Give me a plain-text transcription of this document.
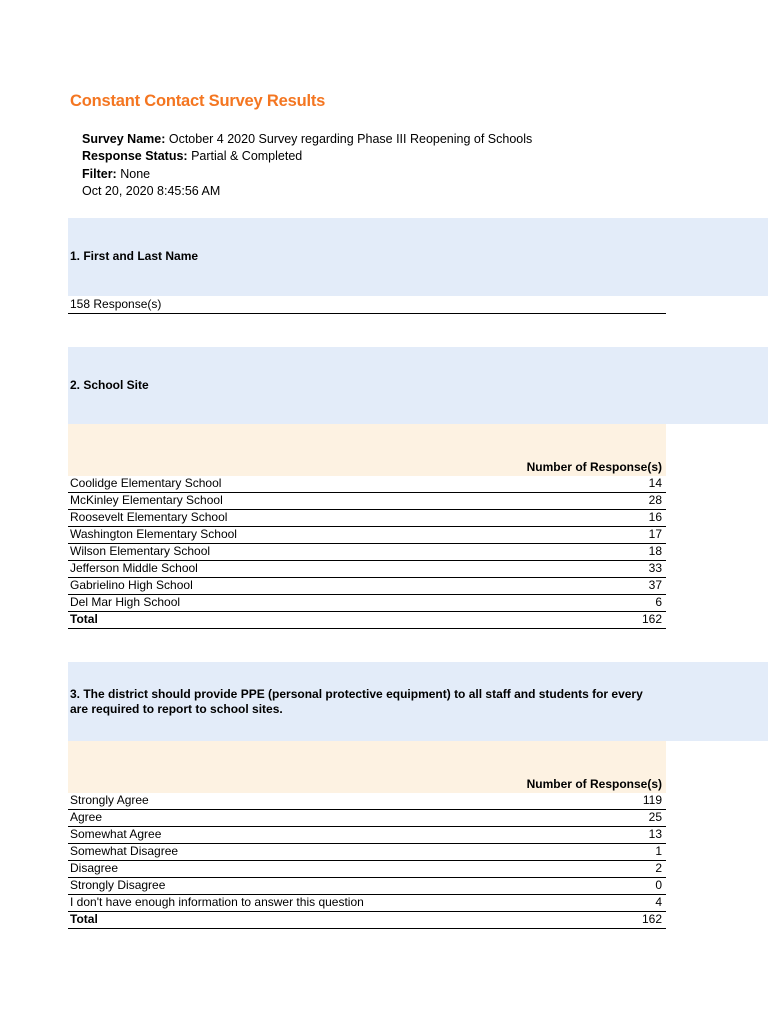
Constant Contact Survey Results
Survey Name: October 4 2020 Survey regarding Phase III Reopening of Schools
Response Status: Partial & Completed
Filter: None
Oct 20, 2020 8:45:56 AM
1. First and Last Name
158 Response(s)
2. School Site
Number of Response(s)
Coolidge Elementary School	14
McKinley Elementary School	28
Roosevelt Elementary School	16
Washington Elementary School	17
Wilson Elementary School	18
Jefferson Middle School	33
Gabrielino High School	37
Del Mar High School	6
Total	162
3. The district should provide PPE (personal protective equipment) to all staff and students for every
are required to report to school sites.
Number of Response(s)
Strongly Agree	119
Agree	25
Somewhat Agree	13
Somewhat Disagree	1
Disagree	2
Strongly Disagree	0
I don't have enough information to answer this question	4
Total	162
